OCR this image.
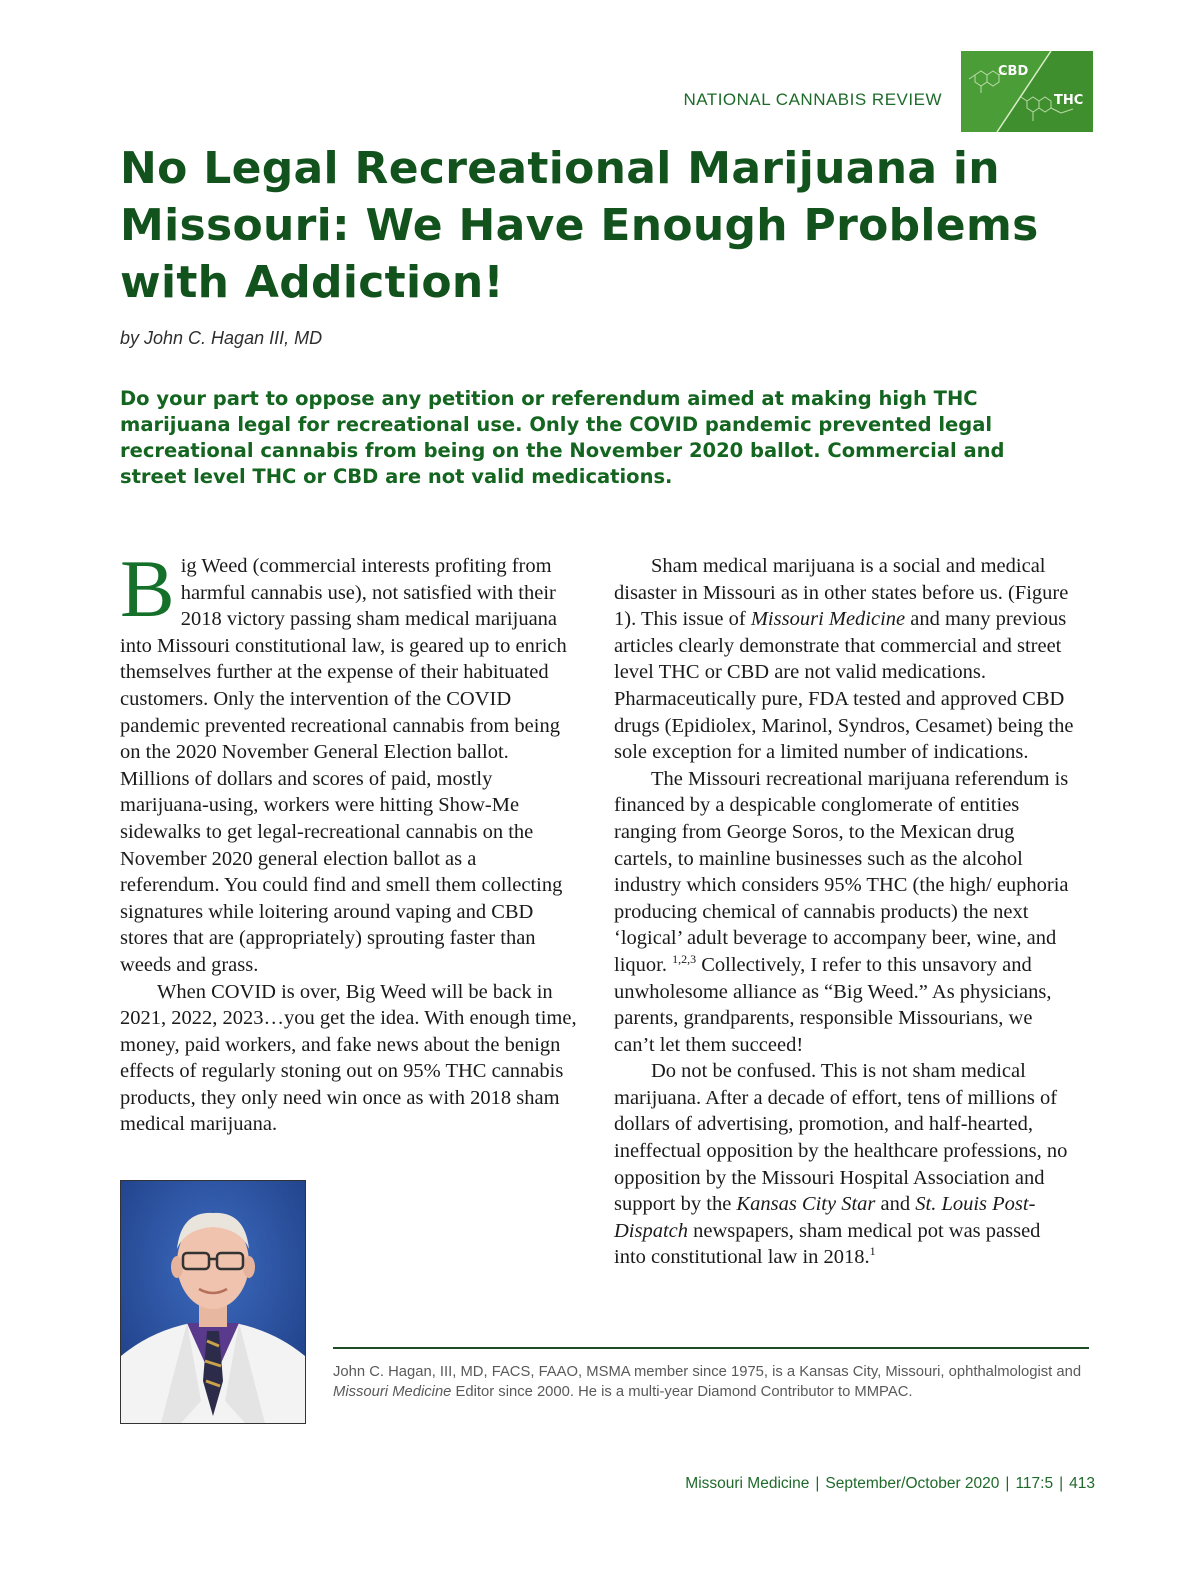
NATIONAL CANNABIS REVIEW
CBD
THC
No Legal Recreational Marijuana in Missouri: We Have Enough Problems with Addiction!
by John C. Hagan III, MD

Do your part to oppose any petition or referendum aimed at making high THC marijuana legal for recreational use. Only the COVID pandemic prevented legal recreational cannabis from being on the November 2020 ballot. Commercial and street level THC or CBD are not valid medications.

Big Weed (commercial interests profiting from harmful cannabis use), not satisfied with their 2018 victory passing sham medical marijuana into Missouri constitutional law, is geared up to enrich themselves further at the expense of their habituated customers. Only the intervention of the COVID pandemic prevented recreational cannabis from being on the 2020 November General Election ballot. Millions of dollars and scores of paid, mostly marijuana-using, workers were hitting Show-Me sidewalks to get legal-recreational cannabis on the November 2020 general election ballot as a referendum. You could find and smell them collecting signatures while loitering around vaping and CBD stores that are (appropriately) sprouting faster than weeds and grass.

When COVID is over, Big Weed will be back in 2021, 2022, 2023…you get the idea. With enough time, money, paid workers, and fake news about the benign effects of regularly stoning out on 95% THC cannabis products, they only need win once as with 2018 sham medical marijuana.

Sham medical marijuana is a social and medical disaster in Missouri as in other states before us. (Figure 1). This issue of Missouri Medicine and many previous articles clearly demonstrate that commercial and street level THC or CBD are not valid medications. Pharmaceutically pure, FDA tested and approved CBD drugs (Epidiolex, Marinol, Syndros, Cesamet) being the sole exception for a limited number of indications.

The Missouri recreational marijuana referendum is financed by a despicable conglomerate of entities ranging from George Soros, to the Mexican drug cartels, to mainline businesses such as the alcohol industry which considers 95% THC (the high/ euphoria producing chemical of cannabis products) the next ‘logical’ adult beverage to accompany beer, wine, and liquor. $^{1,2,3}$ Collectively, I refer to this unsavory and unwholesome alliance as “Big Weed.” As physicians, parents, grandparents, responsible Missourians, we can’t let them succeed!

Do not be confused. This is not sham medical marijuana. After a decade of effort, tens of millions of dollars of advertising, promotion, and half-hearted, ineffectual opposition by the healthcare professions, no opposition by the Missouri Hospital Association and support by the Kansas City Star and St. Louis Post-Dispatch newspapers, sham medical pot was passed into constitutional law in 2018.$^1$

John C. Hagan, III, MD, FACS, FAAO, MSMA member since 1975, is a Kansas City, Missouri, ophthalmologist and Missouri Medicine Editor since 2000. He is a multi-year Diamond Contributor to MMPAC.

Missouri Medicine | September/October 2020 | 117:5 | 413
